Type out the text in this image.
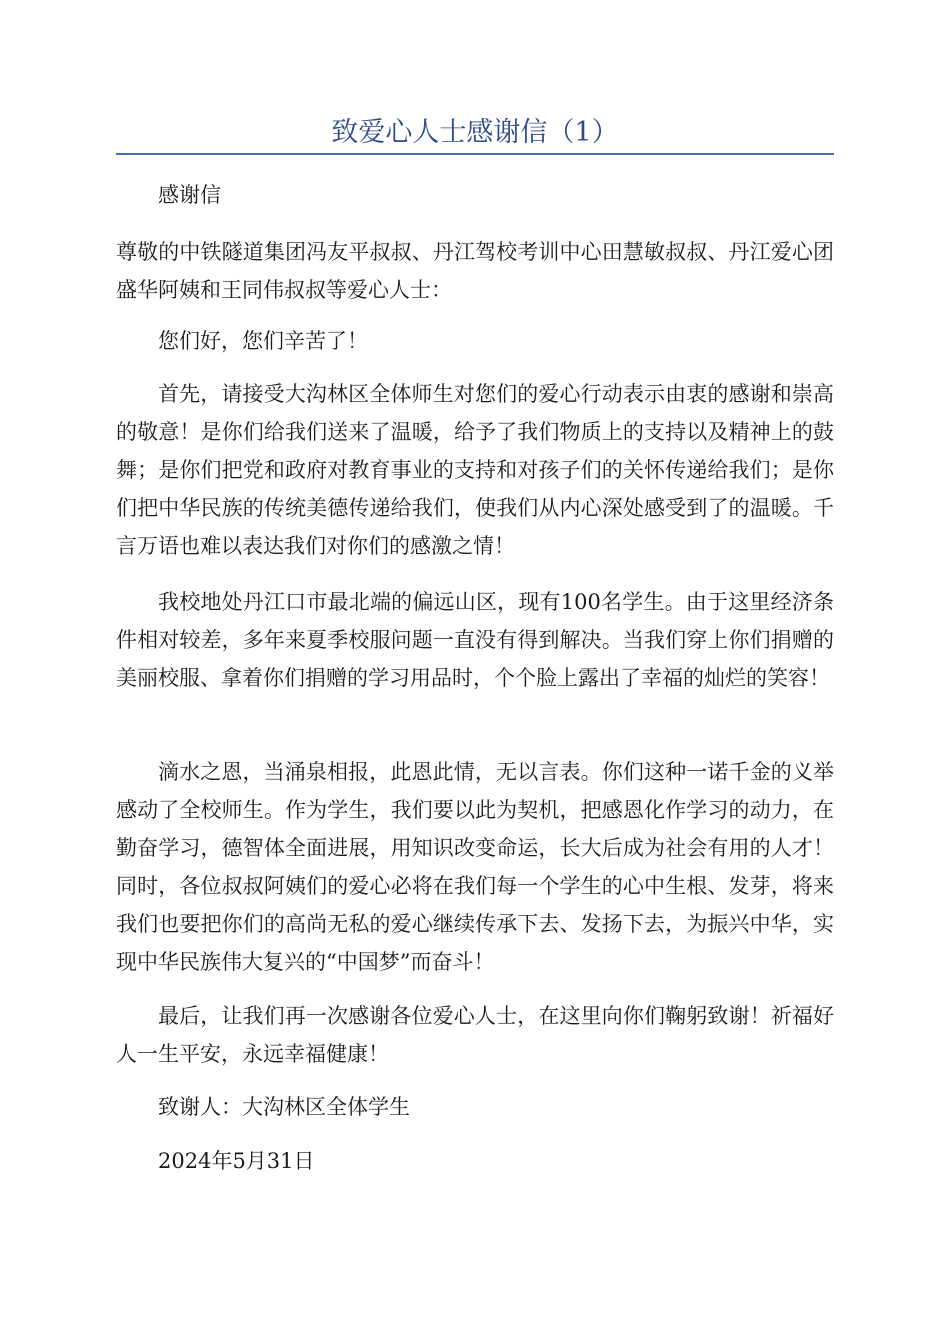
致爱心人士感谢信（1）

感谢信

尊敬的中铁隧道集团冯友平叔叔、丹江驾校考训中心田慧敏叔叔、丹江爱心团盛华阿姨和王同伟叔叔等爱心人士：

您们好，您们辛苦了！

首先，请接受大沟林区全体师生对您们的爱心行动表示由衷的感谢和崇高的敬意！是你们给我们送来了温暖，给予了我们物质上的支持以及精神上的鼓舞；是你们把党和政府对教育事业的支持和对孩子们的关怀传递给我们；是你们把中华民族的传统美德传递给我们，使我们从内心深处感受到了的温暖。千言万语也难以表达我们对你们的感激之情！

我校地处丹江口市最北端的偏远山区，现有100名学生。由于这里经济条件相对较差，多年来夏季校服问题一直没有得到解决。当我们穿上你们捐赠的美丽校服、拿着你们捐赠的学习用品时，个个脸上露出了幸福的灿烂的笑容！

滴水之恩，当涌泉相报，此恩此情，无以言表。你们这种一诺千金的义举感动了全校师生。作为学生，我们要以此为契机，把感恩化作学习的动力，在勤奋学习，德智体全面进展，用知识改变命运，长大后成为社会有用的人才！同时，各位叔叔阿姨们的爱心必将在我们每一个学生的心中生根、发芽，将来我们也要把你们的高尚无私的爱心继续传承下去、发扬下去，为振兴中华，实现中华民族伟大复兴的“中国梦”而奋斗！

最后，让我们再一次感谢各位爱心人士，在这里向你们鞠躬致谢！祈福好人一生平安，永远幸福健康！

致谢人：大沟林区全体学生

2024年5月31日
